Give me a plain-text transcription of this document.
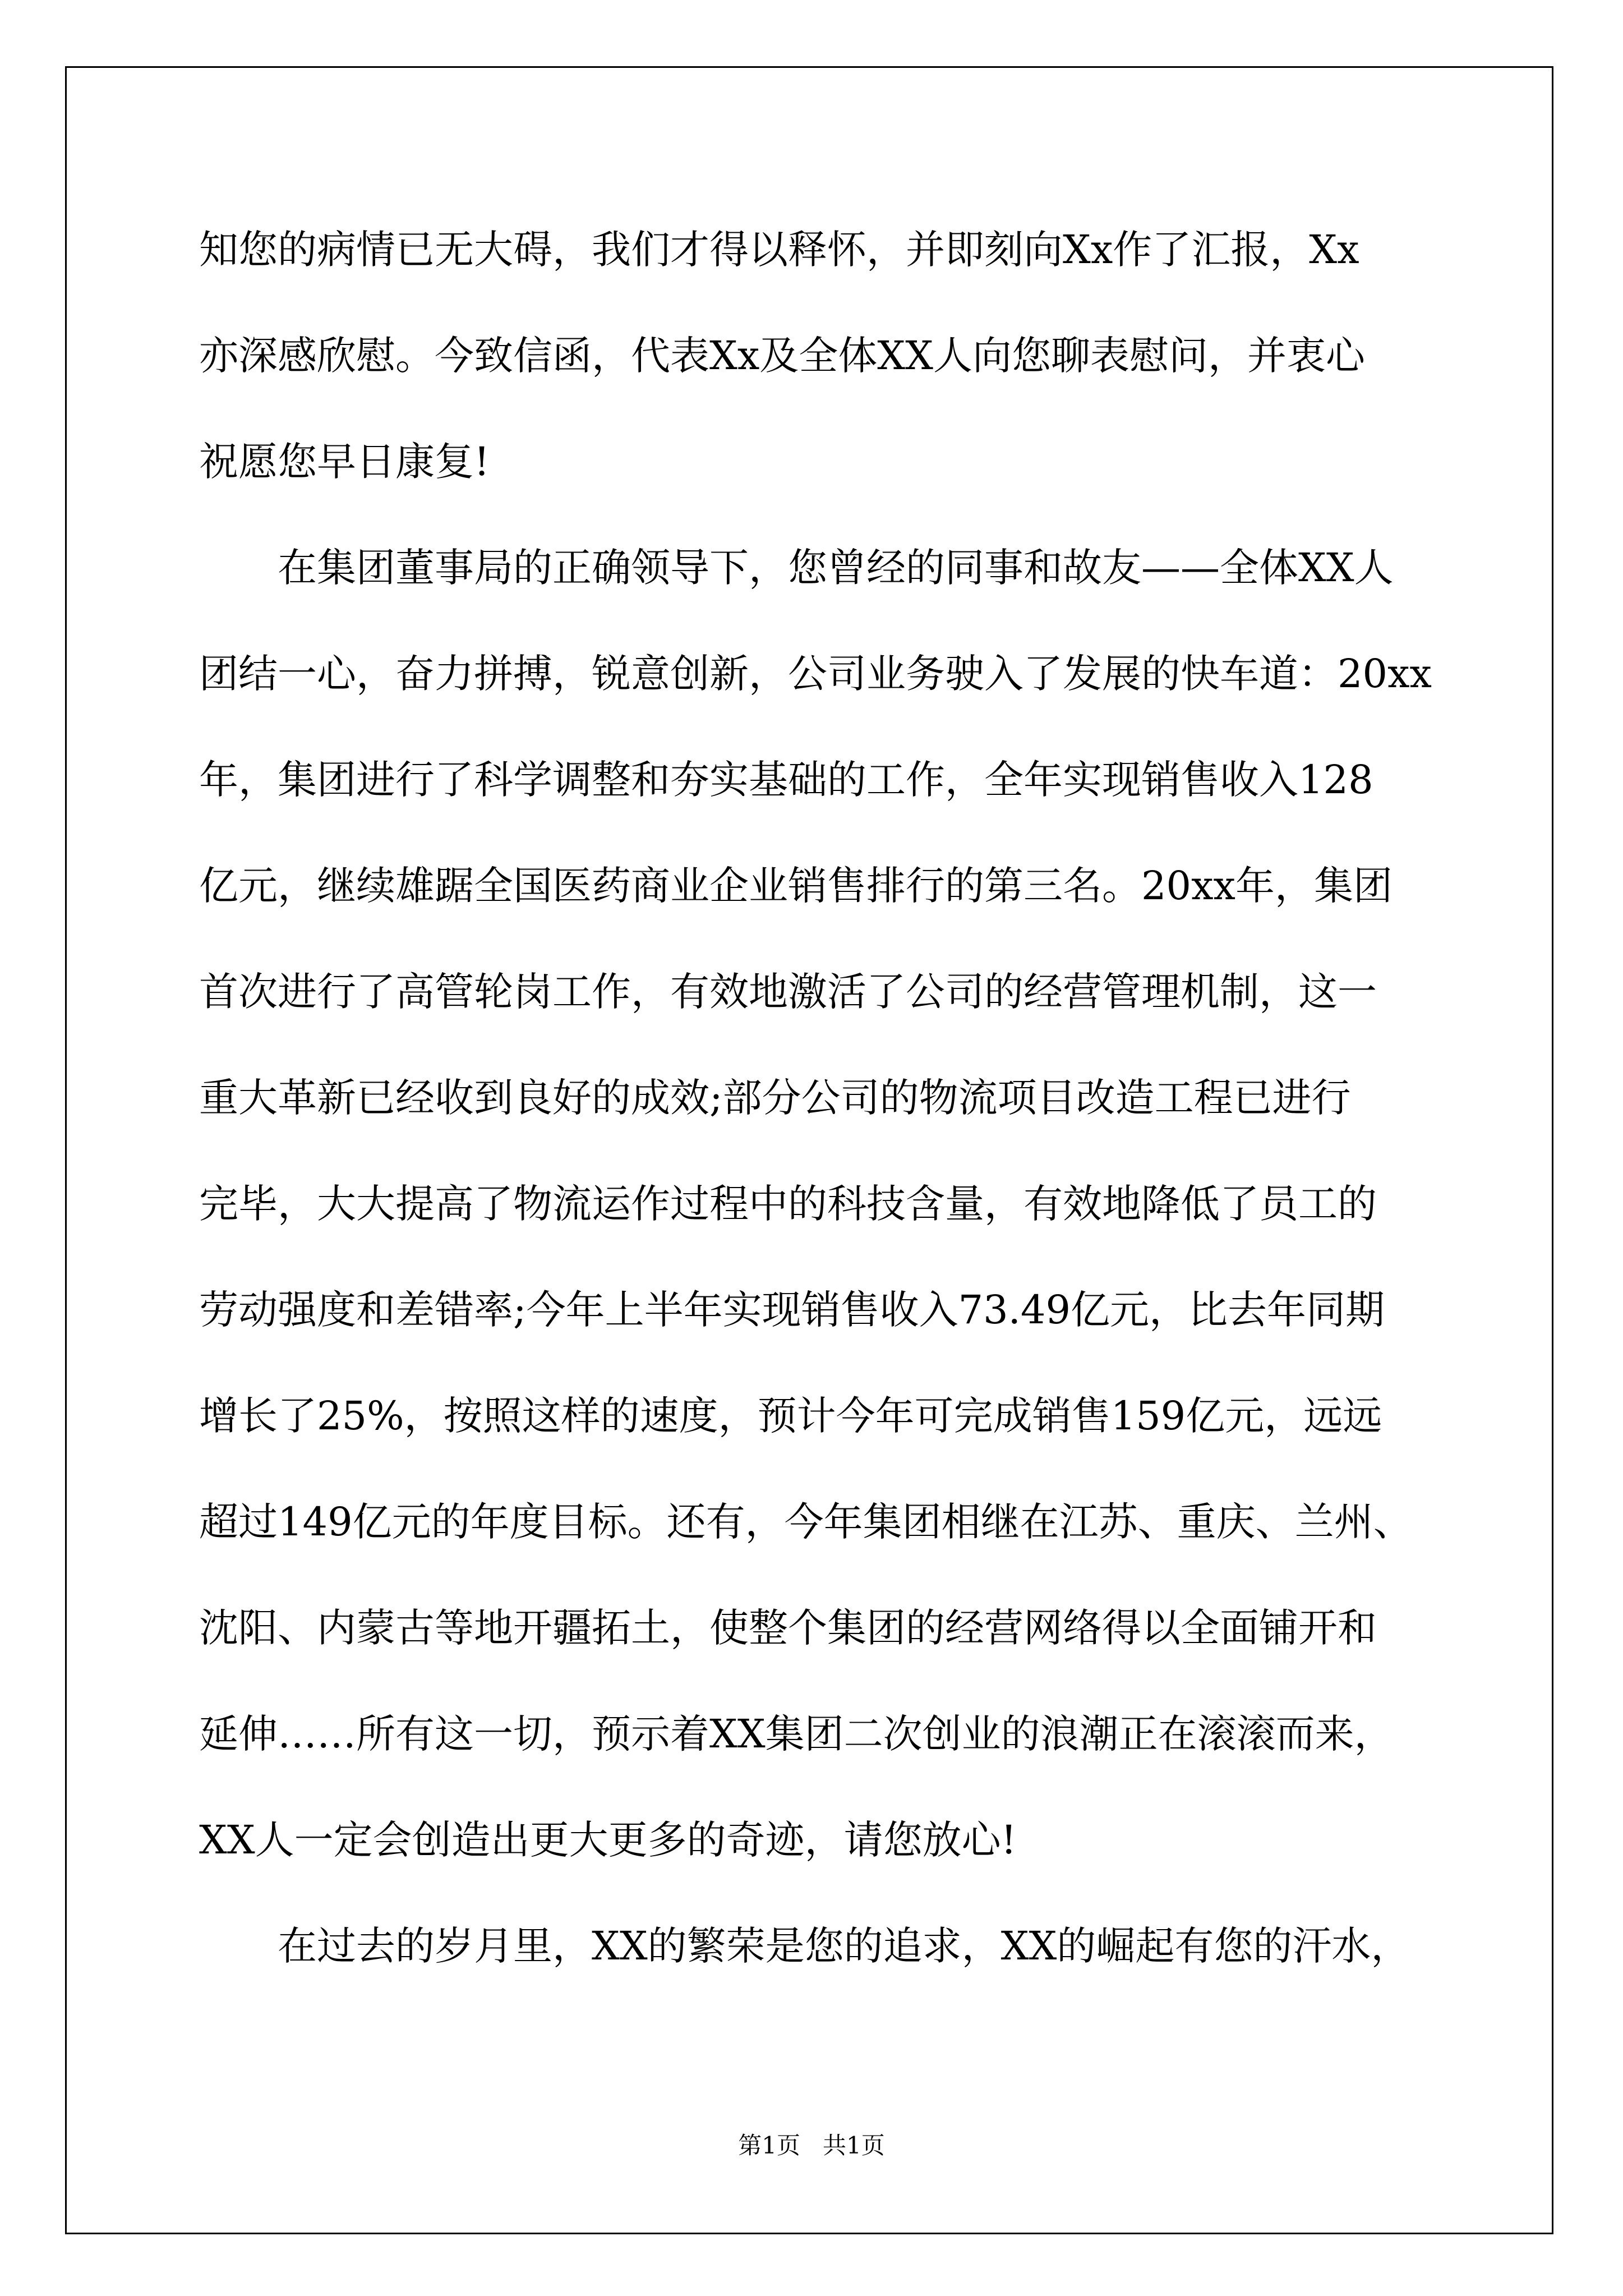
知您的病情已无大碍，我们才得以释怀，并即刻向Xx作了汇报，Xx

亦深感欣慰。今致信函，代表Xx及全体XX人向您聊表慰问，并衷心

祝愿您早日康复!

在集团董事局的正确领导下，您曾经的同事和故友——全体XX人

团结一心，奋力拼搏，锐意创新，公司业务驶入了发展的快车道：20xx

年，集团进行了科学调整和夯实基础的工作，全年实现销售收入128

亿元，继续雄踞全国医药商业企业销售排行的第三名。20xx年，集团

首次进行了高管轮岗工作，有效地激活了公司的经营管理机制，这一

重大革新已经收到良好的成效;部分公司的物流项目改造工程已进行

完毕，大大提高了物流运作过程中的科技含量，有效地降低了员工的

劳动强度和差错率;今年上半年实现销售收入73.49亿元，比去年同期

增长了25%，按照这样的速度，预计今年可完成销售159亿元，远远

超过149亿元的年度目标。还有，今年集团相继在江苏、重庆、兰州、

沈阳、内蒙古等地开疆拓土，使整个集团的经营网络得以全面铺开和

延伸……所有这一切，预示着XX集团二次创业的浪潮正在滚滚而来，

XX人一定会创造出更大更多的奇迹，请您放心!

在过去的岁月里，XX的繁荣是您的追求，XX的崛起有您的汗水，

第1页 共1页
